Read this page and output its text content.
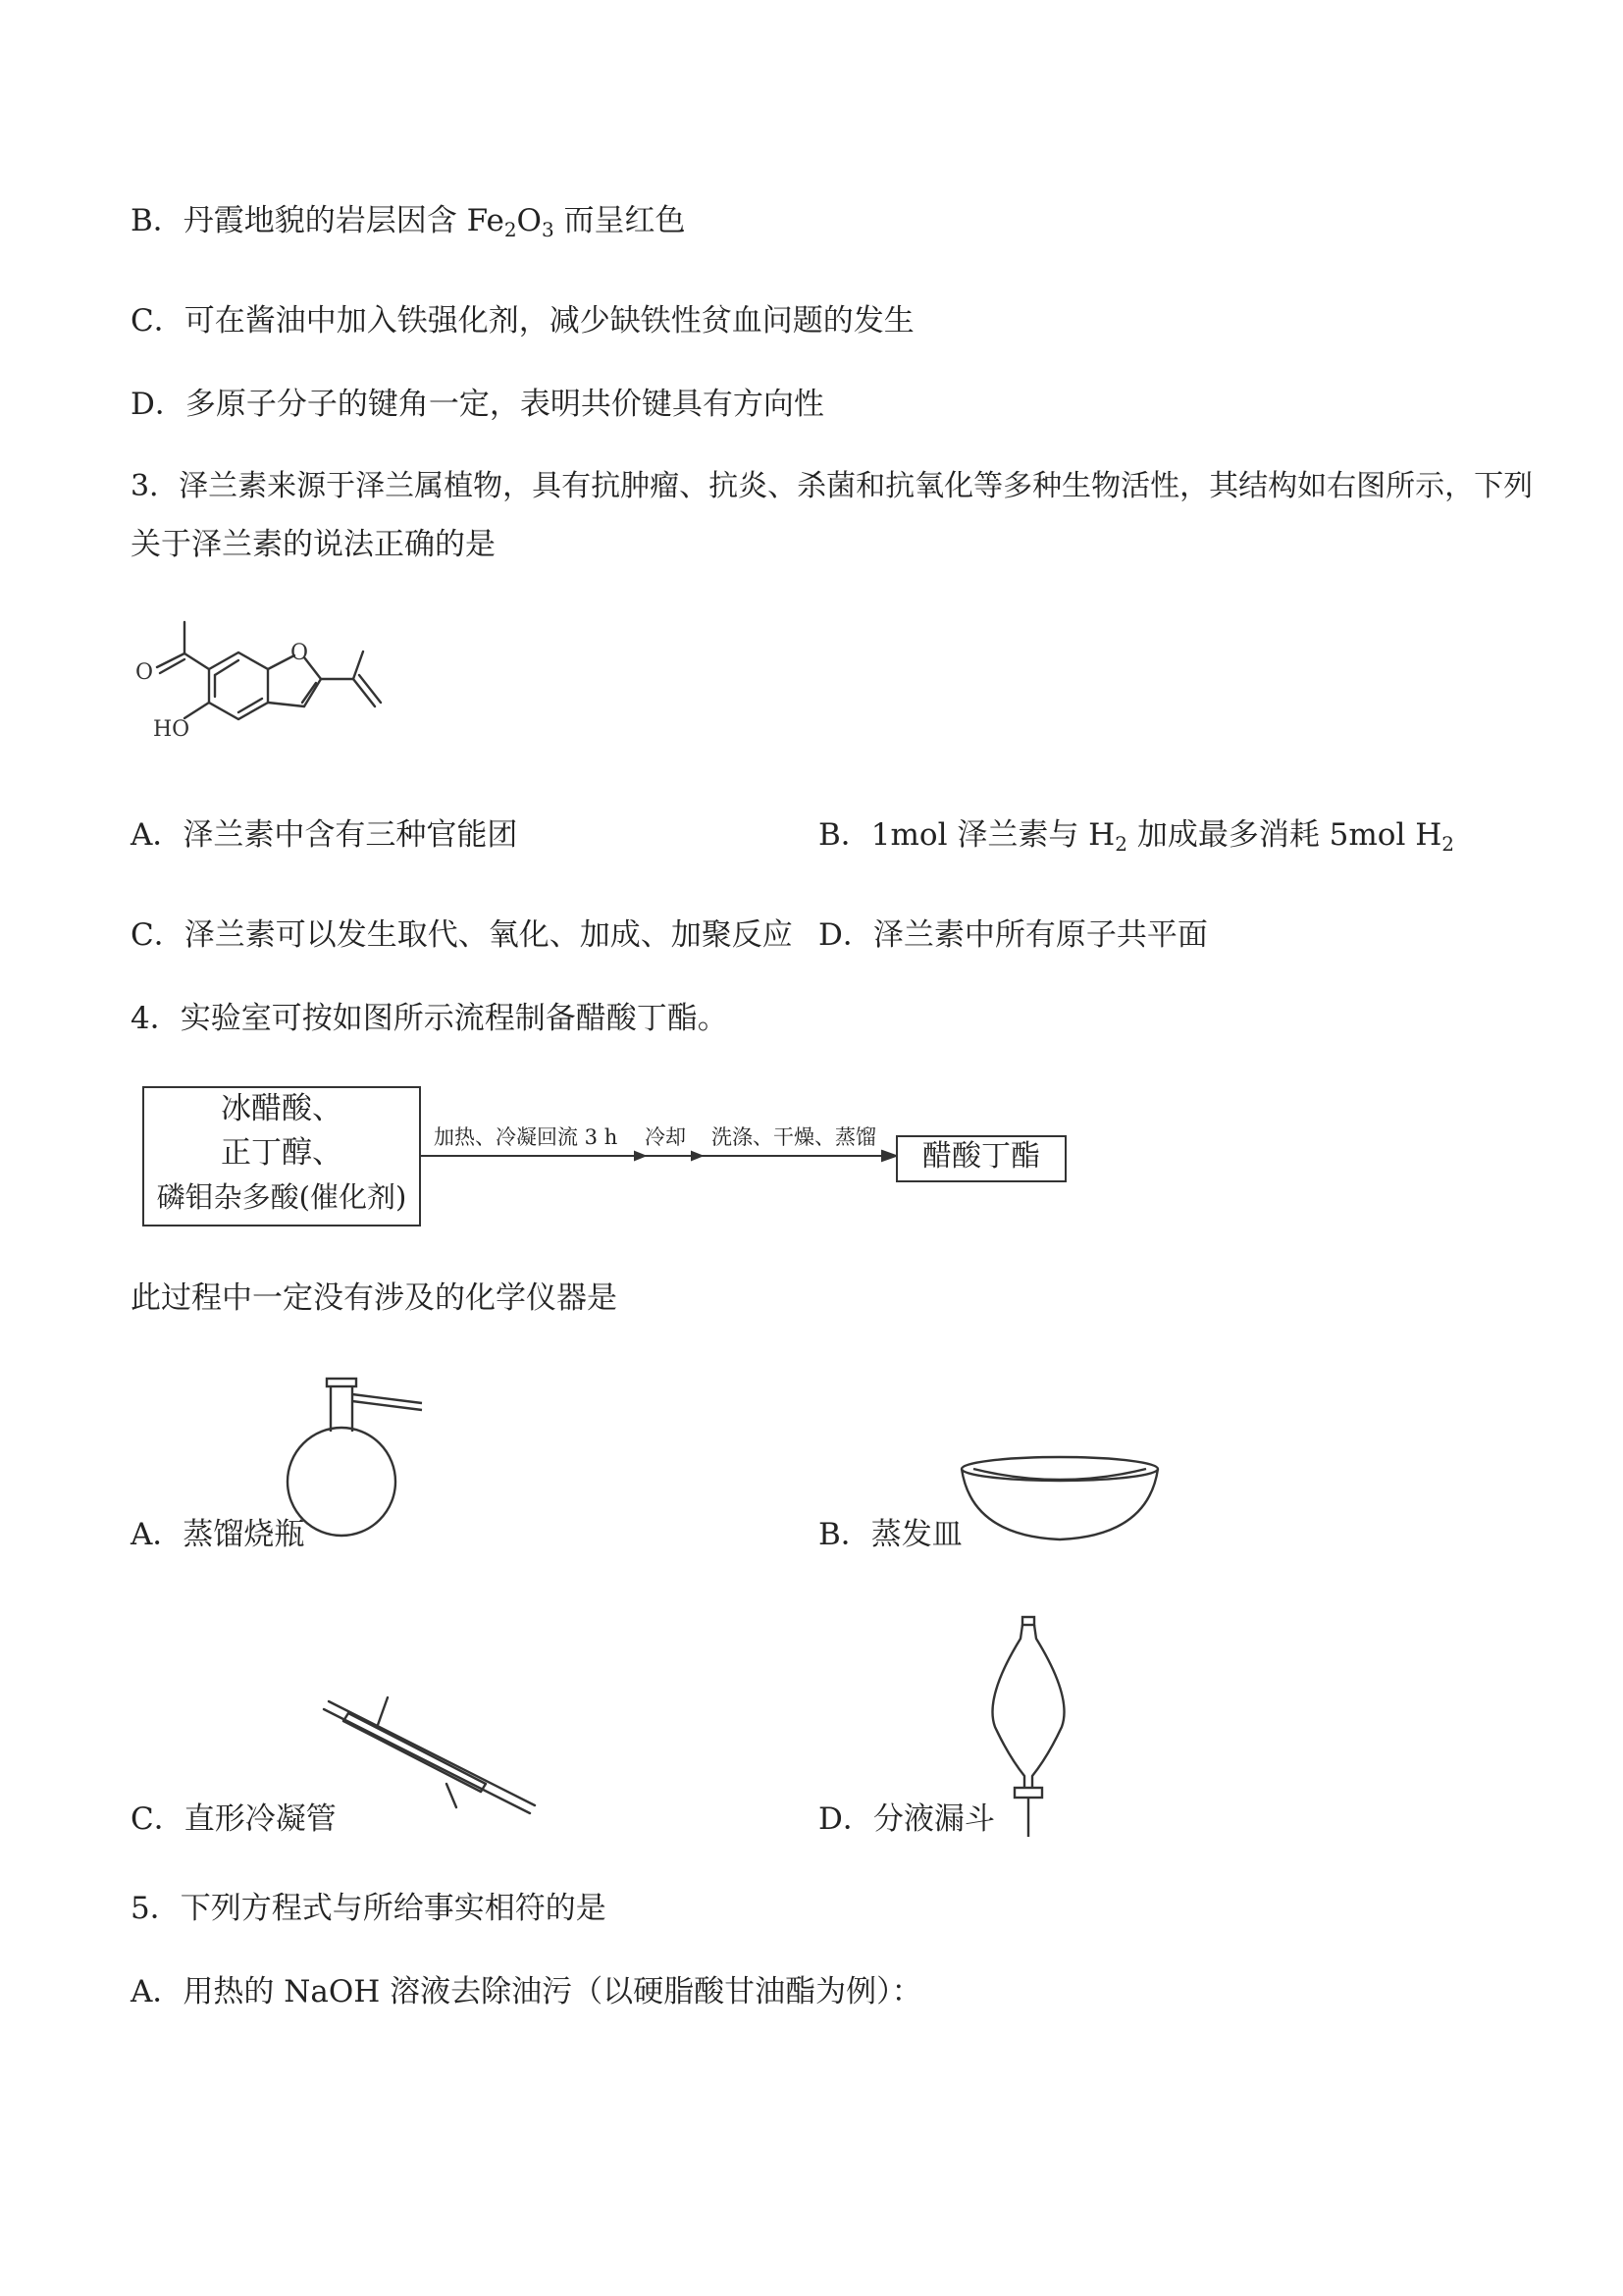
B．丹霞地貌的岩层因含 $Fe_2O_3$ 而呈红色
C．可在酱油中加入铁强化剂，减少缺铁性贫血问题的发生
D．多原子分子的键角一定，表明共价键具有方向性
3．泽兰素来源于泽兰属植物，具有抗肿瘤、抗炎、杀菌和抗氧化等多种生物活性，其结构如右图所示，下列
关于泽兰素的说法正确的是
O
HO
O
A．泽兰素中含有三种官能团	B．1mol 泽兰素与 $H_2$ 加成最多消耗 5mol $H_2$
C．泽兰素可以发生取代、氧化、加成、加聚反应 D．泽兰素中所有原子共平面
4．实验室可按如图所示流程制备醋酸丁酯。
冰醋酸、
正丁醇、
磷钼杂多酸(催化剂)
加热、冷凝回流 3 h 冷却 洗涤、干燥、蒸馏
醋酸丁酯
此过程中一定没有涉及的化学仪器是
A．蒸馏烧瓶	B．蒸发皿
C．直形冷凝管	D．分液漏斗
5．下列方程式与所给事实相符的是
A．用热的 NaOH 溶液去除油污（以硬脂酸甘油酯为例）：
